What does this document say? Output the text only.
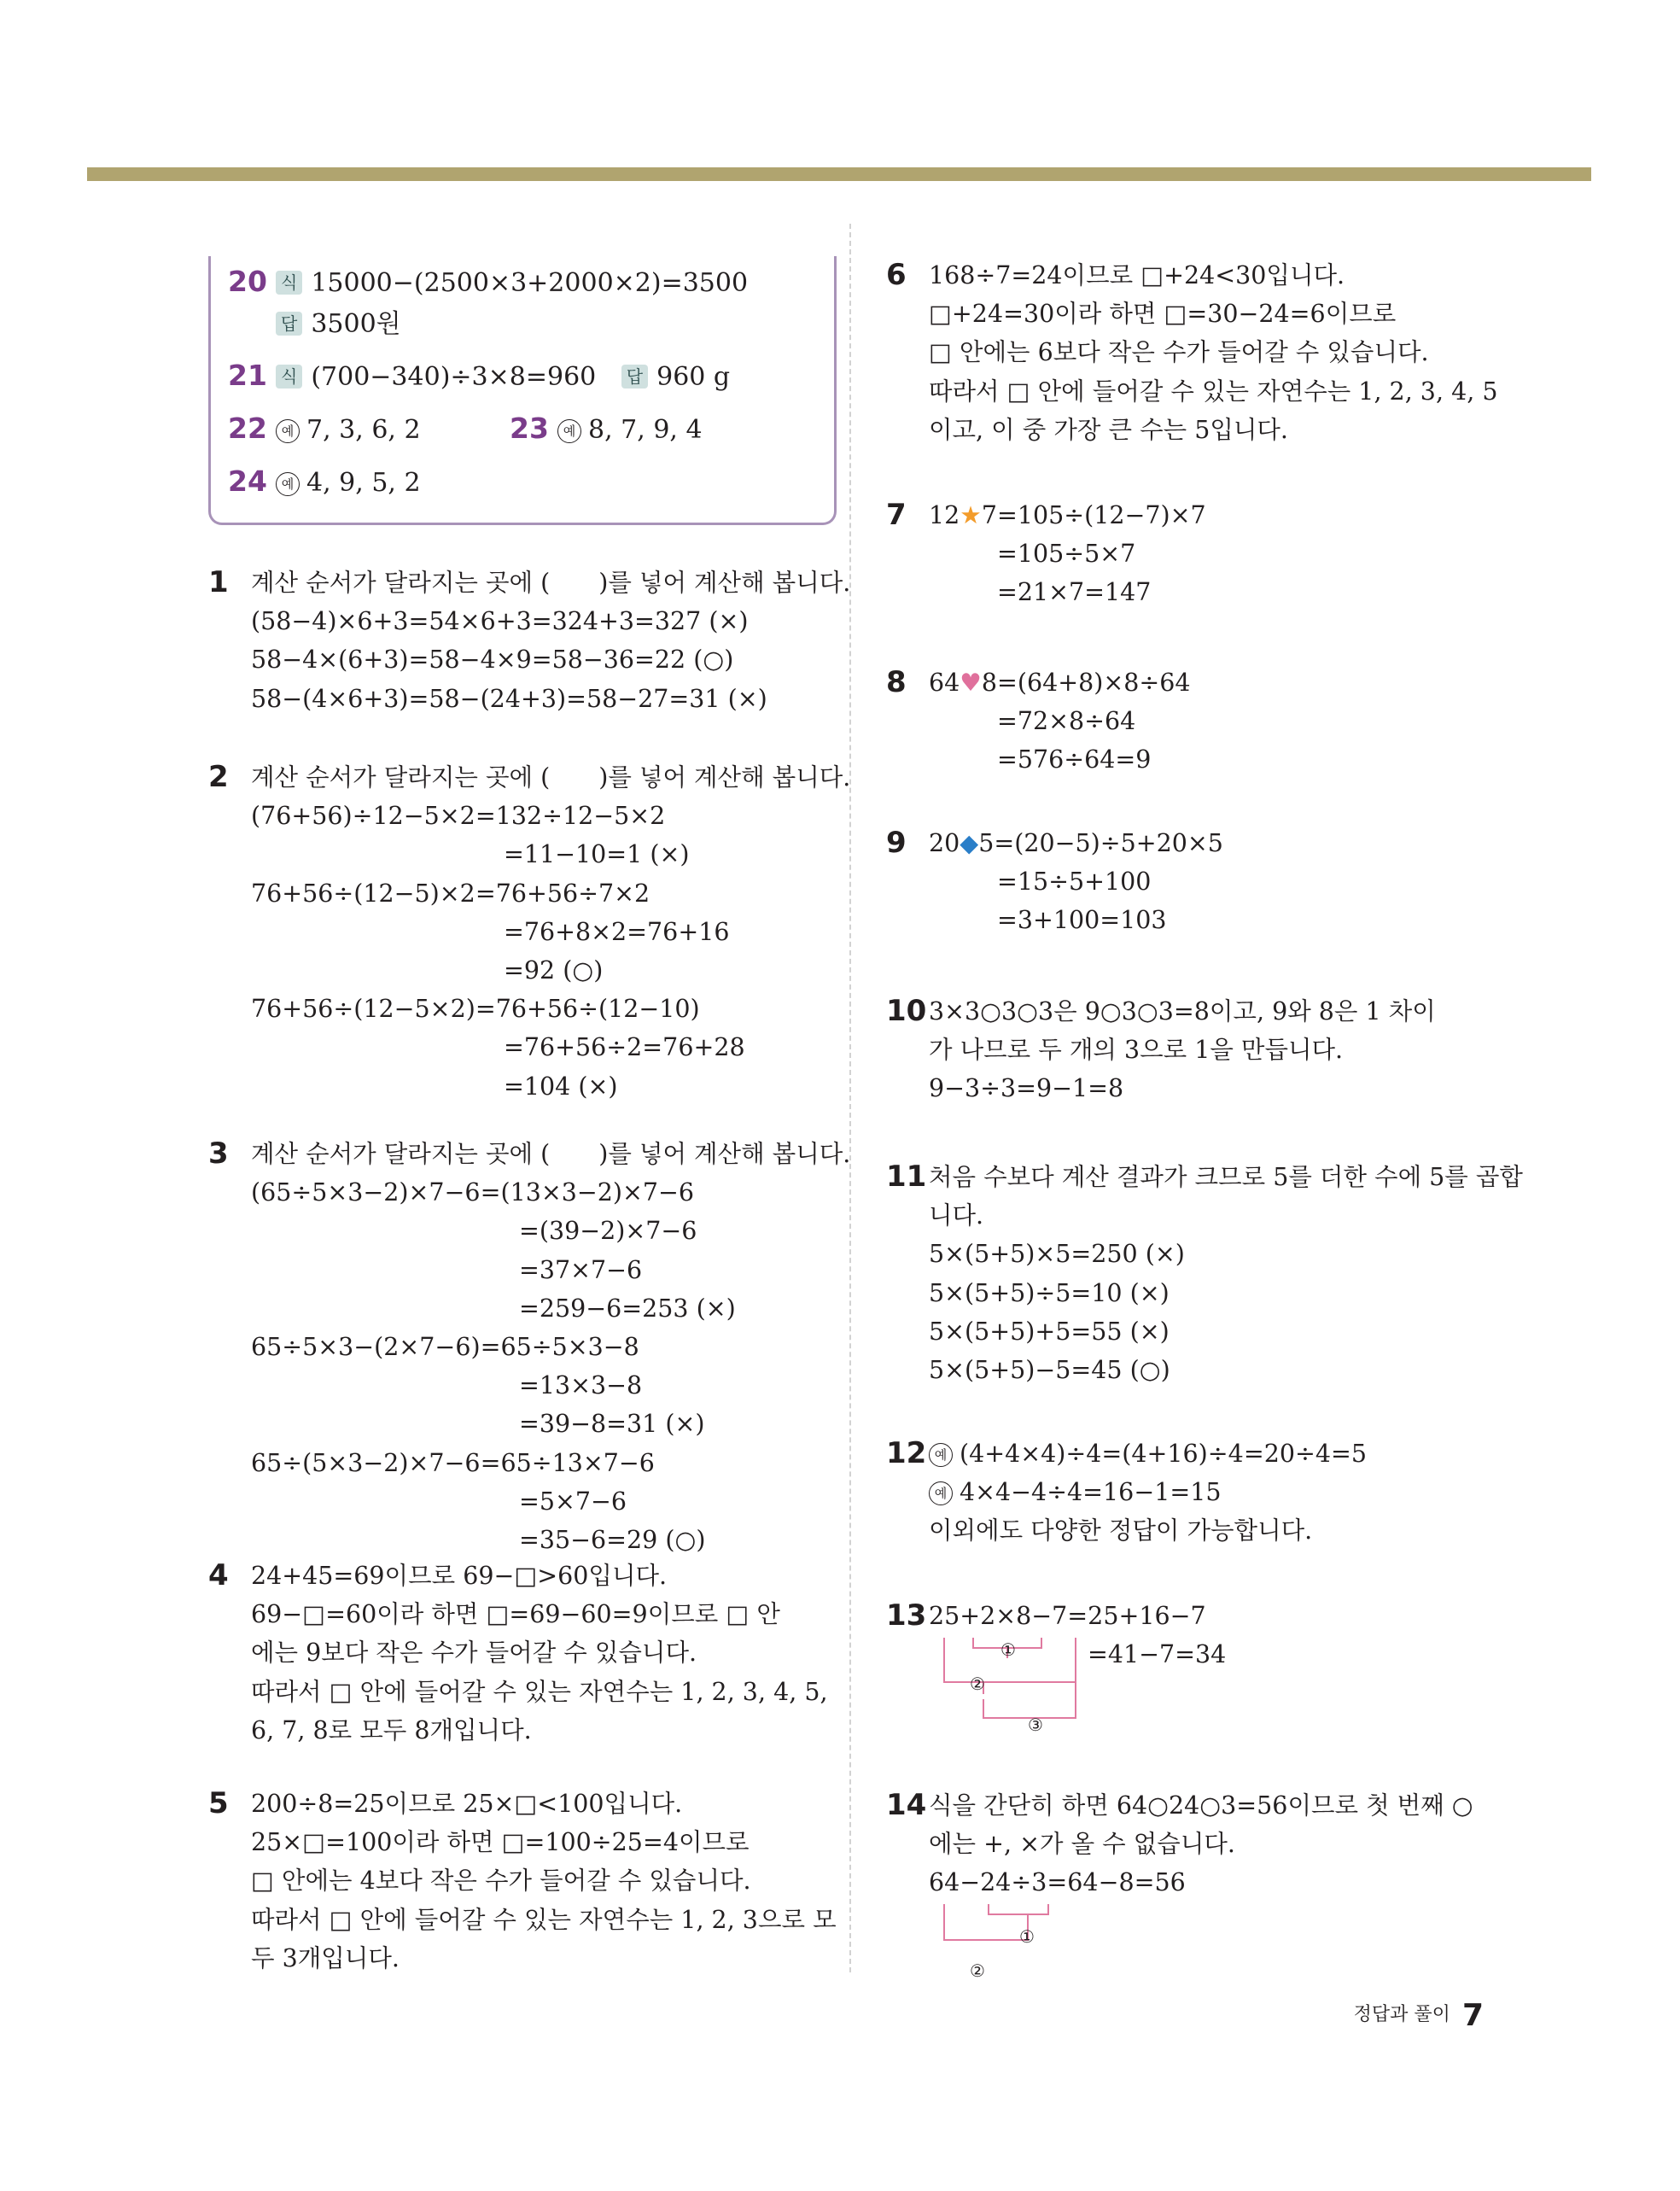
20 식 15000−(2500×3+2000×2)=3500
답 3500원
21 식 (700−340)÷3×8=960 답 960 g
22 예 7, 3, 6, 2	23 예 8, 7, 9, 4
24 예 4, 9, 5, 2
1 계산 순서가 달라지는 곳에 (　　)를 넣어 계산해 봅니다.
(58−4)×6+3=54×6+3=324+3=327 (×)
58−4×(6+3)=58−4×9=58−36=22 (○)
58−(4×6+3)=58−(24+3)=58−27=31 (×)
2 계산 순서가 달라지는 곳에 (　　)를 넣어 계산해 봅니다.
(76+56)÷12−5×2=132÷12−5×2
=11−10=1 (×)
76+56÷(12−5)×2=76+56÷7×2
=76+8×2=76+16
=92 (○)
76+56÷(12−5×2)=76+56÷(12−10)
=76+56÷2=76+28
=104 (×)
3 계산 순서가 달라지는 곳에 (　　)를 넣어 계산해 봅니다.
(65÷5×3−2)×7−6=(13×3−2)×7−6
=(39−2)×7−6
=37×7−6
=259−6=253 (×)
65÷5×3−(2×7−6)=65÷5×3−8
=13×3−8
=39−8=31 (×)
65÷(5×3−2)×7−6=65÷13×7−6
=5×7−6
=35−6=29 (○)
4 24+45=69이므로 69−□>60입니다.
69−□=60이라 하면 □=69−60=9이므로 □ 안
에는 9보다 작은 수가 들어갈 수 있습니다.
따라서 □ 안에 들어갈 수 있는 자연수는 1, 2, 3, 4, 5,
6, 7, 8로 모두 8개입니다.
5 200÷8=25이므로 25×□<100입니다.
25×□=100이라 하면 □=100÷25=4이므로
□ 안에는 4보다 작은 수가 들어갈 수 있습니다.
따라서 □ 안에 들어갈 수 있는 자연수는 1, 2, 3으로 모
두 3개입니다.
6 168÷7=24이므로 □+24<30입니다.
□+24=30이라 하면 □=30−24=6이므로
□ 안에는 6보다 작은 수가 들어갈 수 있습니다.
따라서 □ 안에 들어갈 수 있는 자연수는 1, 2, 3, 4, 5
이고, 이 중 가장 큰 수는 5입니다.
7 12★7=105÷(12−7)×7
=105÷5×7
=21×7=147
8 64♥8=(64+8)×8÷64
=72×8÷64
=576÷64=9
9 20◆5=(20−5)÷5+20×5
=15÷5+100
=3+100=103
10 3×3○3○3은 9○3○3=8이고, 9와 8은 1 차이
가 나므로 두 개의 3으로 1을 만듭니다.
9−3÷3=9−1=8
11 처음 수보다 계산 결과가 크므로 5를 더한 수에 5를 곱합
니다.
5×(5+5)×5=250 (×)
5×(5+5)÷5=10 (×)
5×(5+5)+5=55 (×)
5×(5+5)−5=45 (○)
12 예 (4+4×4)÷4=(4+16)÷4=20÷4=5
예 4×4−4÷4=16−1=15
이외에도 다양한 정답이 가능합니다.
13 25+2×8−7=25+16−7
=41−7=34
①
②
③
14 식을 간단히 하면 64○24○3=56이므로 첫 번째 ○
에는 +, ×가 올 수 없습니다.
64−24÷3=64−8=56
①
②
정답과 풀이 7
